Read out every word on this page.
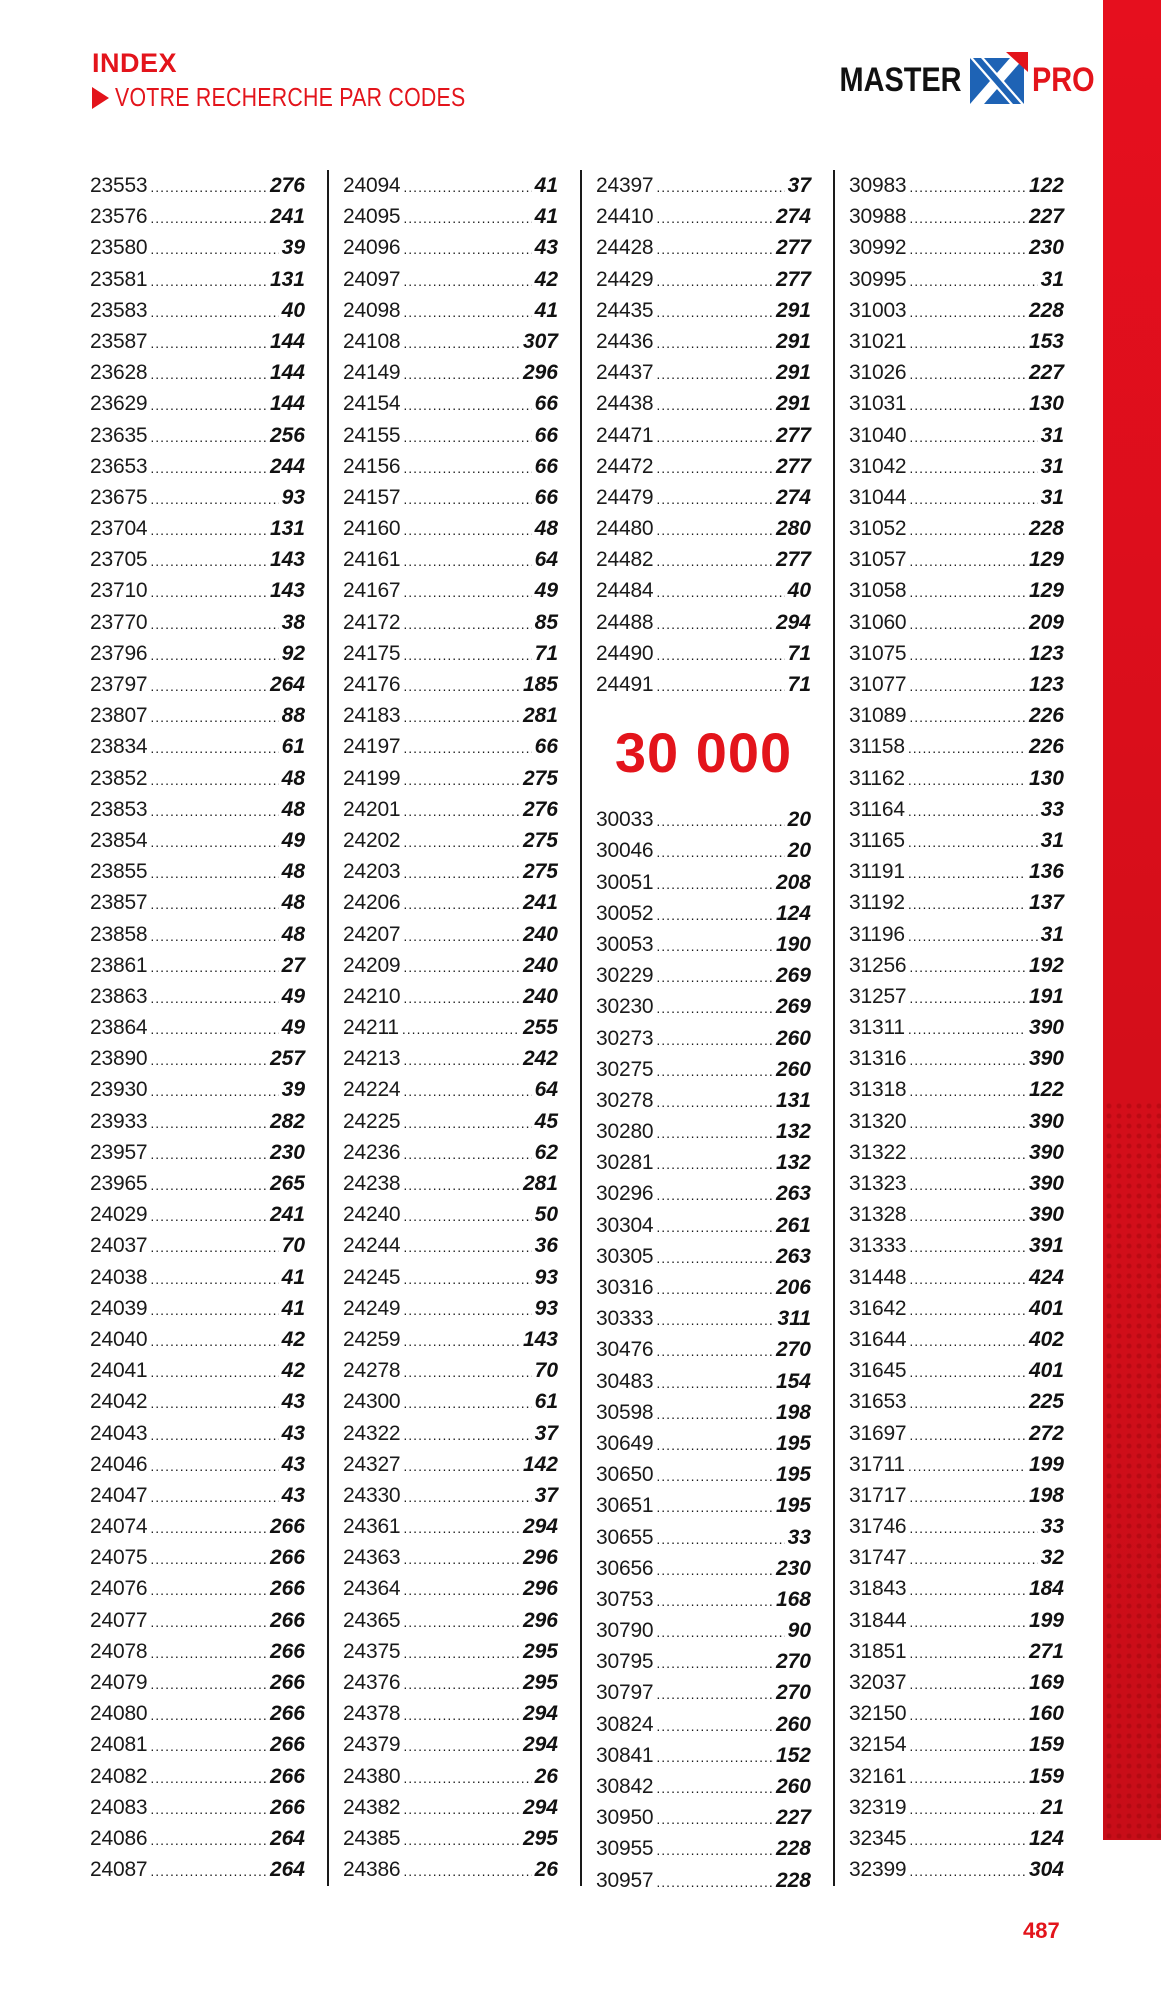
INDEX
VOTRE RECHERCHE PAR CODES	MASTER PRO
23553 .....	276
23576 .....	241
23580 .....	39
23581 .....	131
23583 .....	40
23587 .....	144
23628 .....	144
23629 .....	144
23635 .....	256
23653 .....	244
23675 .....	93
23704 .....	131
23705 .....	143
23710 .....	143
23770 .....	38
23796 .....	92
23797 .....	264
23807 .....	88
23834 .....	61
23852 .....	48
23853 .....	48
23854 .....	49
23855 .....	48
23857 .....	48
23858 .....	48
23861 .....	27
23863 .....	49
23864 .....	49
23890 .....	257
23930 .....	39
23933 .....	282
23957 .....	230
23965 .....	265
24029 .....	241
24037 .....	70
24038 .....	41
24039 .....	41
24040 .....	42
24041 .....	42
24042 .....	43
24043 .....	43
24046 .....	43
24047 .....	43
24074 .....	266
24075 .....	266
24076 .....	266
24077 .....	266
24078 .....	266
24079 .....	266
24080 .....	266
24081 .....	266
24082 .....	266
24083 .....	266
24086 .....	264
24087 .....	264
24094 .....	41
24095 .....	41
24096 .....	43
24097 .....	42
24098 .....	41
24108 .....	307
24149 .....	296
24154 .....	66
24155 .....	66
24156 .....	66
24157 .....	66
24160 .....	48
24161 .....	64
24167 .....	49
24172 .....	85
24175 .....	71
24176 .....	185
24183 .....	281
24197 .....	66
24199 .....	275
24201 .....	276
24202 .....	275
24203 .....	275
24206 .....	241
24207 .....	240
24209 .....	240
24210 .....	240
24211 .....	255
24213 .....	242
24224 .....	64
24225 .....	45
24236 .....	62
24238 .....	281
24240 .....	50
24244 .....	36
24245 .....	93
24249 .....	93
24259 .....	143
24278 .....	70
24300 .....	61
24322 .....	37
24327 .....	142
24330 .....	37
24361 .....	294
24363 .....	296
24364 .....	296
24365 .....	296
24375 .....	295
24376 .....	295
24378 .....	294
24379 .....	294
24380 .....	26
24382 .....	294
24385 .....	295
24386 .....	26
24397 .....	37
24410 .....	274
24428 .....	277
24429 .....	277
24435 .....	291
24436 .....	291
24437 .....	291
24438 .....	291
24471 .....	277
24472 .....	277
24479 .....	274
24480 .....	280
24482 .....	277
24484 .....	40
24488 .....	294
24490 .....	71
24491 .....	71
30 000
30033 .....	20
30046 .....	20
30051 .....	208
30052 .....	124
30053 .....	190
30229 .....	269
30230 .....	269
30273 .....	260
30275 .....	260
30278 .....	131
30280 .....	132
30281 .....	132
30296 .....	263
30304 .....	261
30305 .....	263
30316 .....	206
30333 .....	311
30476 .....	270
30483 .....	154
30598 .....	198
30649 .....	195
30650 .....	195
30651 .....	195
30655 .....	33
30656 .....	230
30753 .....	168
30790 .....	90
30795 .....	270
30797 .....	270
30824 .....	260
30841 .....	152
30842 .....	260
30950 .....	227
30955 .....	228
30957 .....	228
30983 .....	122
30988 .....	227
30992 .....	230
30995 .....	31
31003 .....	228
31021 .....	153
31026 .....	227
31031 .....	130
31040 .....	31
31042 .....	31
31044 .....	31
31052 .....	228
31057 .....	129
31058 .....	129
31060 .....	209
31075 .....	123
31077 .....	123
31089 .....	226
31158 .....	226
31162 .....	130
31164 .....	33
31165 .....	31
31191 .....	136
31192 .....	137
31196 .....	31
31256 .....	192
31257 .....	191
31311 .....	390
31316 .....	390
31318 .....	122
31320 .....	390
31322 .....	390
31323 .....	390
31328 .....	390
31333 .....	391
31448 .....	424
31642 .....	401
31644 .....	402
31645 .....	401
31653 .....	225
31697 .....	272
31711 .....	199
31717 .....	198
31746 .....	33
31747 .....	32
31843 .....	184
31844 .....	199
31851 .....	271
32037 .....	169
32150 .....	160
32154 .....	159
32161 .....	159
32319 .....	21
32345 .....	124
32399 .....	304
487
